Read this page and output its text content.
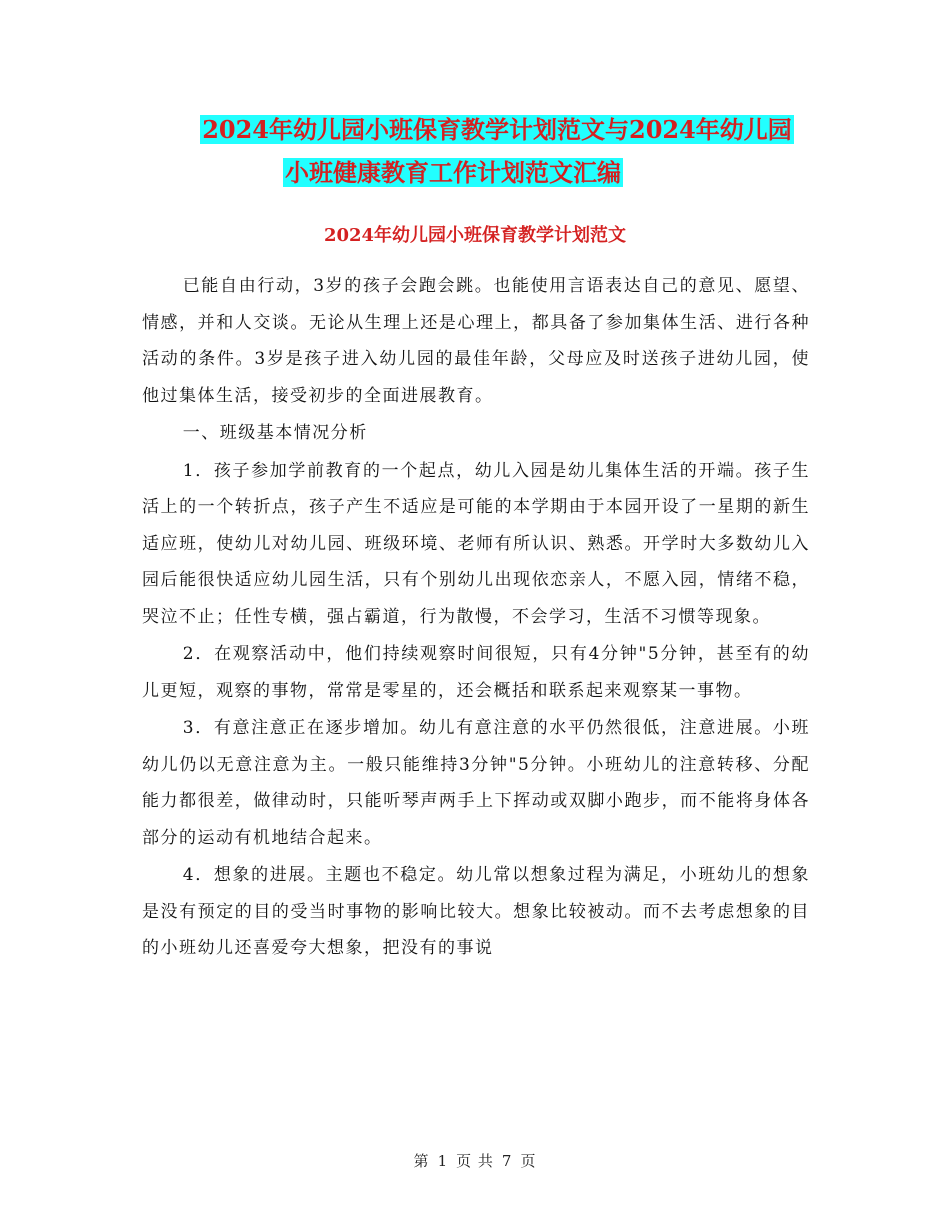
2024年幼儿园小班保育教学计划范文与2024年幼儿园
小班健康教育工作计划范文汇编
2024年幼儿园小班保育教学计划范文

已能自由行动，3岁的孩子会跑会跳。也能使用言语表达自己的意见、愿望、情感，并和人交谈。无论从生理上还是心理上，都具备了参加集体生活、进行各种活动的条件。3岁是孩子进入幼儿园的最佳年龄，父母应及时送孩子进幼儿园，使他过集体生活，接受初步的全面进展教育。

一、班级基本情况分析

1．孩子参加学前教育的一个起点，幼儿入园是幼儿集体生活的开端。孩子生活上的一个转折点，孩子产生不适应是可能的本学期由于本园开设了一星期的新生适应班，使幼儿对幼儿园、班级环境、老师有所认识、熟悉。开学时大多数幼儿入园后能很快适应幼儿园生活，只有个别幼儿出现依恋亲人，不愿入园，情绪不稳，哭泣不止；任性专横，强占霸道，行为散慢，不会学习，生活不习惯等现象。

2．在观察活动中，他们持续观察时间很短，只有4分钟"5分钟，甚至有的幼儿更短，观察的事物，常常是零星的，还会概括和联系起来观察某一事物。

3．有意注意正在逐步增加。幼儿有意注意的水平仍然很低，注意进展。小班幼儿仍以无意注意为主。一般只能维持3分钟"5分钟。小班幼儿的注意转移、分配能力都很差，做律动时，只能听琴声两手上下挥动或双脚小跑步，而不能将身体各部分的运动有机地结合起来。

4．想象的进展。主题也不稳定。幼儿常以想象过程为满足，小班幼儿的想象是没有预定的目的受当时事物的影响比较大。想象比较被动。而不去考虑想象的目的小班幼儿还喜爱夸大想象，把没有的事说

第 1 页 共 7 页
